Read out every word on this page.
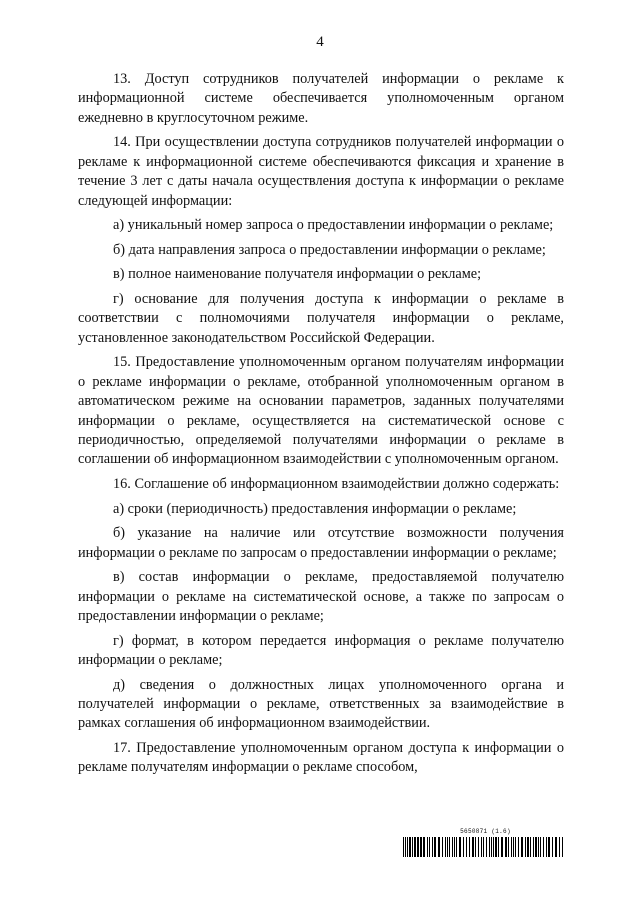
4

13. Доступ сотрудников получателей информации о рекламе к информационной системе обеспечивается уполномоченным органом ежедневно в круглосуточном режиме.

14. При осуществлении доступа сотрудников получателей информации о рекламе к информационной системе обеспечиваются фиксация и хранение в течение 3 лет с даты начала осуществления доступа к информации о рекламе следующей информации:

а) уникальный номер запроса о предоставлении информации о рекламе;

б) дата направления запроса о предоставлении информации о рекламе;

в) полное наименование получателя информации о рекламе;

г) основание для получения доступа к информации о рекламе в соответствии с полномочиями получателя информации о рекламе, установленное законодательством Российской Федерации.

15. Предоставление уполномоченным органом получателям информации о рекламе информации о рекламе, отобранной уполномоченным органом в автоматическом режиме на основании параметров, заданных получателями информации о рекламе, осуществляется на систематической основе с периодичностью, определяемой получателями информации о рекламе в соглашении об информационном взаимодействии с уполномоченным органом.

16. Соглашение об информационном взаимодействии должно содержать:

а) сроки (периодичность) предоставления информации о рекламе;

б) указание на наличие или отсутствие возможности получения информации о рекламе по запросам о предоставлении информации о рекламе;

в) состав информации о рекламе, предоставляемой получателю информации о рекламе на систематической основе, а также по запросам о предоставлении информации о рекламе;

г) формат, в котором передается информация о рекламе получателю информации о рекламе;

д) сведения о должностных лицах уполномоченного органа и получателей информации о рекламе, ответственных за взаимодействие в рамках соглашения об информационном взаимодействии.

17. Предоставление уполномоченным органом доступа к информации о рекламе получателям информации о рекламе способом,

5650871 (1.6)
